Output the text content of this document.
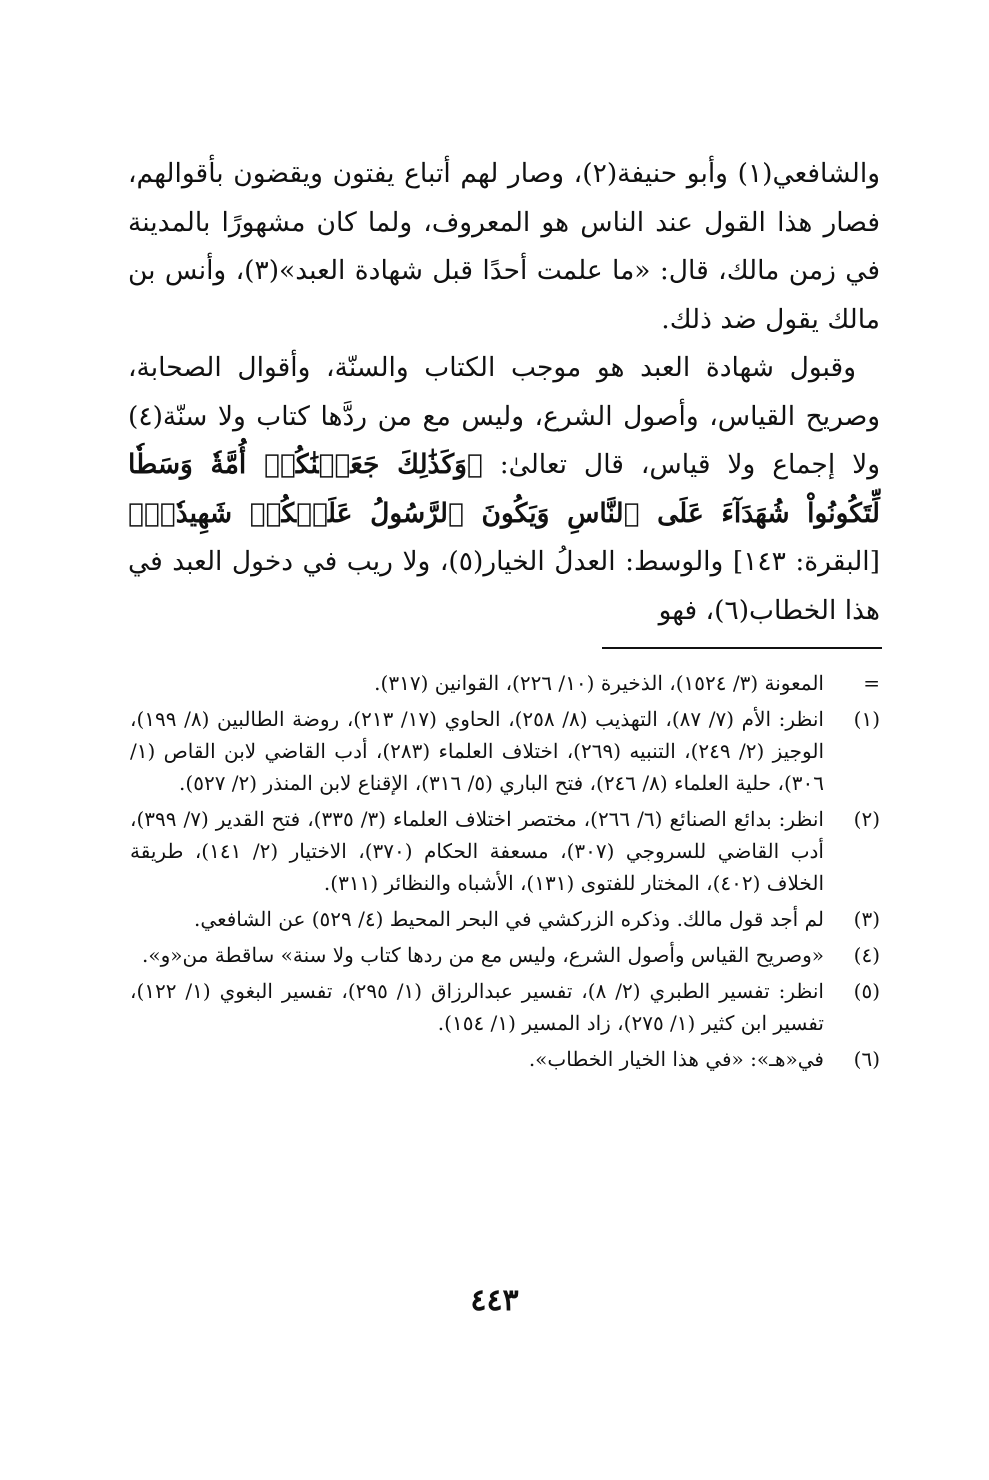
والشافعي(١) وأبو حنيفة(٢)، وصار لهم أتباع يفتون ويقضون بأقوالهم، فصار هذا القول عند الناس هو المعروف، ولما كان مشهورًا بالمدينة في زمن مالك، قال: «ما علمت أحدًا قبل شهادة العبد»(٣)، وأنس بن مالك يقول ضد ذلك.

وقبول شهادة العبد هو موجب الكتاب والسنّة، وأقوال الصحابة، وصريح القياس، وأصول الشرع، وليس مع من ردَّها كتاب ولا سنّة(٤) ولا إجماع ولا قياس، قال تعالىٰ: ﴿وَكَذَٰلِكَ جَعَلۡنَٰكُمۡ أُمَّةٗ وَسَطٗا لِّتَكُونُواْ شُهَدَآءَ عَلَى ٱلنَّاسِ وَيَكُونَ ٱلرَّسُولُ عَلَيۡكُمۡ شَهِيدٗاۗ﴾[البقرة: ١٤٣] والوسط: العدلُ الخيار(٥)، ولا ريب في دخول العبد في هذا الخطاب(٦)، فهو

=
المعونة (٣/ ١٥٢٤)، الذخيرة (١٠/ ٢٢٦)، القوانين (٣١٧).
(١)
انظر: الأم (٧/ ٨٧)، التهذيب (٨/ ٢٥٨)، الحاوي (١٧/ ٢١٣)، روضة الطالبين (٨/ ١٩٩)، الوجيز (٢/ ٢٤٩)، التنبيه (٢٦٩)، اختلاف العلماء (٢٨٣)، أدب القاضي لابن القاص (١/ ٣٠٦)، حلية العلماء (٨/ ٢٤٦)، فتح الباري (٥/ ٣١٦)، الإقناع لابن المنذر (٢/ ٥٢٧).
(٢)
انظر: بدائع الصنائع (٦/ ٢٦٦)، مختصر اختلاف العلماء (٣/ ٣٣٥)، فتح القدير (٧/ ٣٩٩)، أدب القاضي للسروجي (٣٠٧)، مسعفة الحكام (٣٧٠)، الاختيار (٢/ ١٤١)، طريقة الخلاف (٤٠٢)، المختار للفتوى (١٣١)، الأشباه والنظائر (٣١١).
(٣)
لم أجد قول مالك. وذكره الزركشي في البحر المحيط (٤/ ٥٢٩) عن الشافعي.
(٤)
«وصريح القياس وأصول الشرع، وليس مع من ردها كتاب ولا سنة» ساقطة من«و».
(٥)
انظر: تفسير الطبري (٢/ ٨)، تفسير عبدالرزاق (١/ ٢٩٥)، تفسير البغوي (١/ ١٢٢)، تفسير ابن كثير (١/ ٢٧٥)، زاد المسير (١/ ١٥٤).
(٦)
في«هـ»: «في هذا الخيار الخطاب».
٤٤٣
